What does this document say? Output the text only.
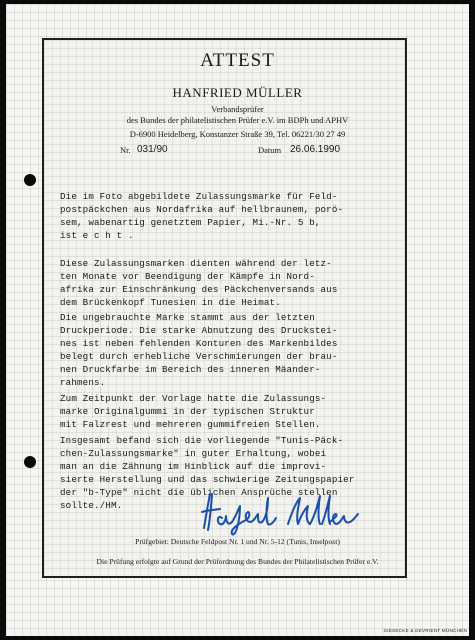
ATTEST
HANFRIED MÜLLER
Verbandsprüfer
des Bundes der philatelistischen Prüfer e.V. im BDPh und APHV
D-6900 Heidelberg, Konstanzer Straße 39, Tel. 06221/30 27 49
Nr. 031/90	Datum 26.06.1990

Die im Foto abgebildete Zulassungsmarke für Feld-
postpäckchen aus Nordafrika auf hellbraunem, porö-
sem, wabenartig genetztem Papier, Mi.-Nr. 5 b,
ist e c h t .

Diese Zulassungsmarken dienten während der letz-
ten Monate vor Beendigung der Kämpfe in Nord-
afrika zur Einschränkung des Päckchenversands aus
dem Brückenkopf Tunesien in die Heimat.

Die ungebrauchte Marke stammt aus der letzten
Druckperiode. Die starke Abnutzung des Druckstei-
nes ist neben fehlenden Konturen des Markenbildes
belegt durch erhebliche Verschmierungen der brau-
nen Druckfarbe im Bereich des inneren Mäander-
rahmens.

Zum Zeitpunkt der Vorlage hatte die Zulassungs-
marke Originalgummi in der typischen Struktur
mit Falzrest und mehreren gummifreien Stellen.

Insgesamt befand sich die vorliegende "Tunis-Päck-
chen-Zulassungsmarke" in guter Erhaltung, wobei
man an die Zähnung im Hinblick auf die improvi-
sierte Herstellung und das schwierige Zeitungspapier
der "b-Type" nicht die üblichen Ansprüche stellen
sollte./HM.

Prüfgebiet: Deutsche Feldpost Nr. 1 und Nr. 5-12 (Tunis, Inselpost)
Die Prüfung erfolgte auf Grund der Prüfordnung des Bundes der Philatelistischen Prüfer e.V.
GIESECKE & DEVRIENT MÜNCHEN
